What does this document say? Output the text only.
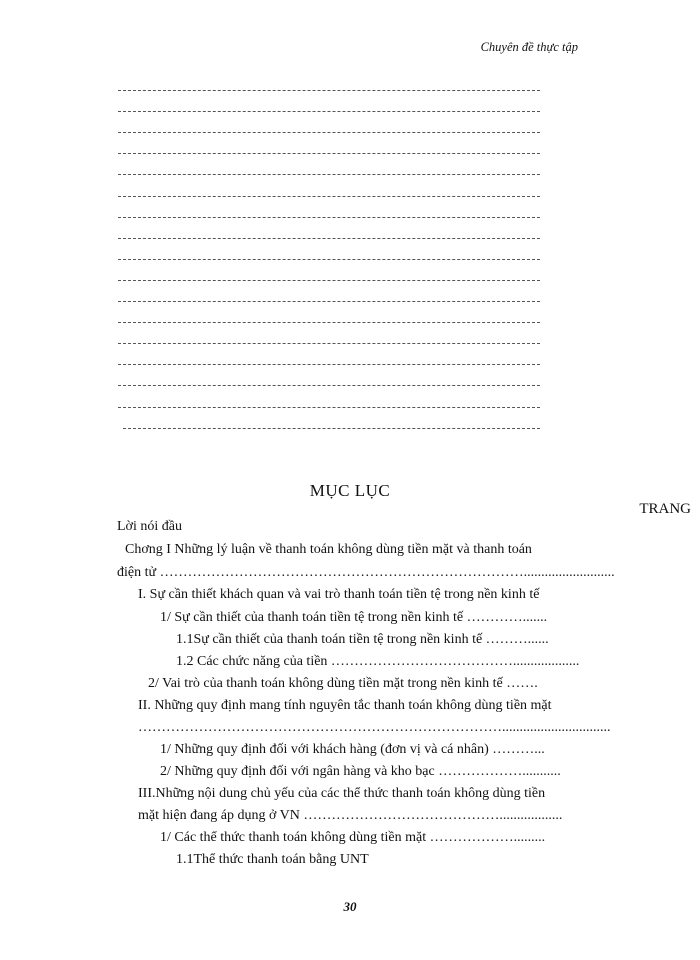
Chuyên đề thực tập
MỤC LỤC
TRANG
Lời nói đầu
Chơng I Những lý luận về thanh toán không dùng tiền mặt và thanh toán
điện tử ……………………………………………………………………..........................
I. Sự cần thiết khách quan và vai trò thanh toán tiền tệ trong nền kinh tế
1/ Sự cần thiết của thanh toán tiền tệ trong nền kinh tế ………….......
1.1Sự cần thiết của thanh toán tiền tệ trong nền kinh tế ………......
1.2 Các chức năng của tiền …………………………………...................
2/ Vai trò của thanh toán không dùng tiền mặt trong nền kinh tế …….
II. Những quy định mang tính nguyên tắc thanh toán không dùng tiền mặt
……………………………………………………………………...............................
1/ Những quy định đối với khách hàng (đơn vị và cá nhân) ………...
2/ Những quy định đối với ngân hàng và kho bạc ………………...........
III.Những nội dung chủ yếu của các thể thức thanh toán không dùng tiền
mặt hiện đang áp dụng ở VN ……………………………………..................
1/ Các thể thức thanh toán không dùng tiền mặt ……………….........
1.1Thể thức thanh toán bằng UNT
30
